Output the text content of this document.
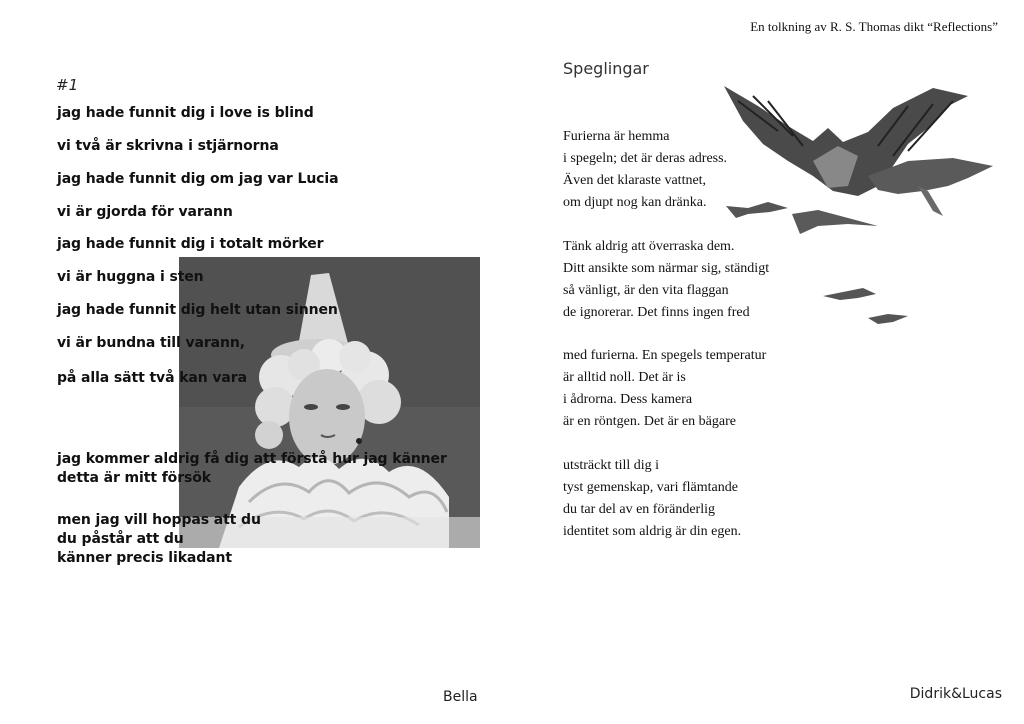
#1
jag hade funnit dig i love is blind
vi två är skrivna i stjärnorna
jag hade funnit dig om jag var Lucia
vi är gjorda för varann
jag hade funnit dig i totalt mörker
vi är huggna i sten
jag hade funnit dig helt utan sinnen
vi är bundna till varann,
på alla sätt två kan vara
jag kommer aldrig få dig att förstå hur jag känner
detta är mitt försök
men jag vill hoppas att du
du påstår att du
känner precis likadant
Bella
En tolkning av R. S. Thomas dikt “Reflections”
Speglingar
Furierna är hemma
i spegeln; det är deras adress.
Även det klaraste vattnet,
om djupt nog kan dränka.
Tänk aldrig att överraska dem.
Ditt ansikte som närmar sig, ständigt
så vänligt, är den vita flaggan
de ignorerar. Det finns ingen fred
med furierna. En spegels temperatur
är alltid noll. Det är is
i ådrorna. Dess kamera
är en röntgen. Det är en bägare
utsträckt till dig i
tyst gemenskap, vari flämtande
du tar del av en föränderlig
identitet som aldrig är din egen.
Didrik&Lucas
